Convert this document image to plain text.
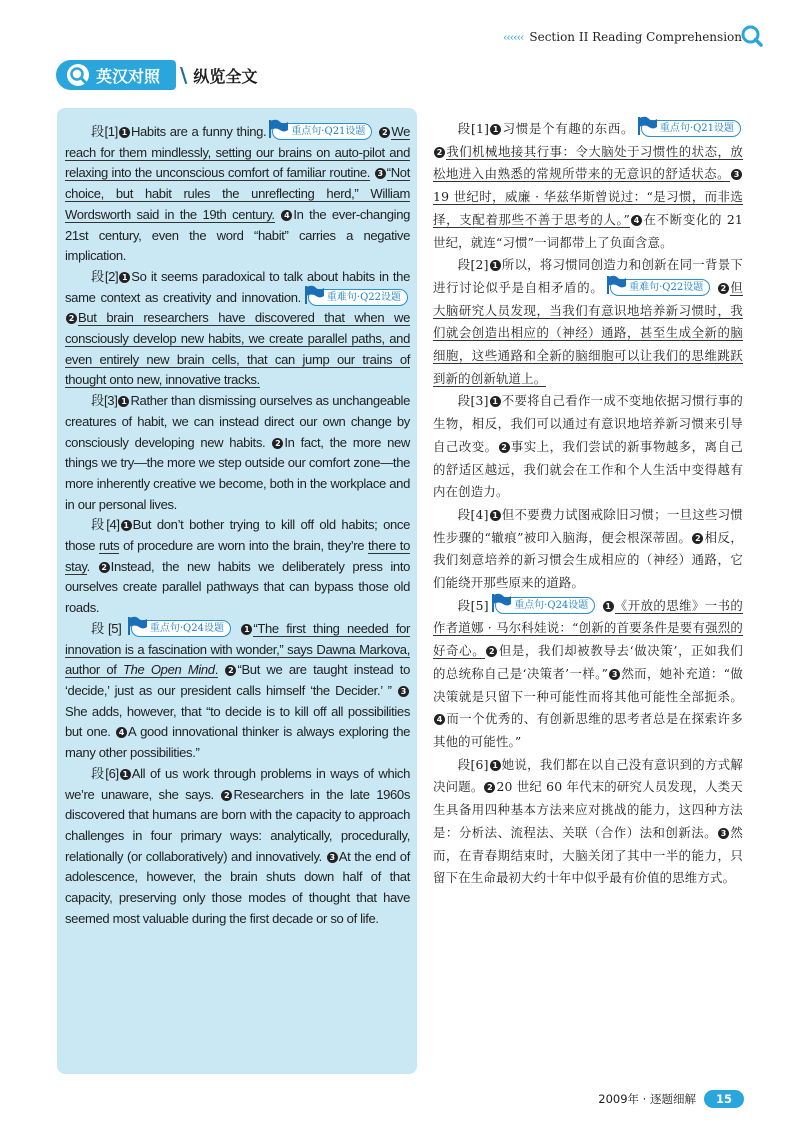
‹‹‹‹‹‹ Section II Reading Comprehension
英汉对照 \ 纵览全文

段[1] 1 Habits are a funny thing. 重点句·Q21设题 2 We reach for them mindlessly, setting our brains on auto-pilot and relaxing into the unconscious comfort of familiar routine. 3 “Not choice, but habit rules the unreflecting herd,” William Wordsworth said in the 19th century. 4 In the ever-changing 21st century, even the word “habit” carries a negative implication.

段[2] 1 So it seems paradoxical to talk about habits in the same context as creativity and innovation.	重难句·Q22设题 2 But brain researchers have discovered that when we consciously develop new habits, we create parallel paths, and even entirely new brain cells, that can jump our trains of thought onto new, innovative tracks.

段[3] 1 Rather than dismissing ourselves as unchangeable creatures of habit, we can instead direct our own change by consciously developing new habits. 2 In fact, the more new things we try—the more we step outside our comfort zone—the more inherently creative we become, both in the workplace and in our personal lives.

段[4] 1 But don’t bother trying to kill off old habits; once those ruts of procedure are worn into the brain, they’re there to stay. 2 Instead, the new habits we deliberately press into ourselves create parallel pathways that can bypass those old roads.

段[5]	重点句·Q24设题	1 “The first thing needed for innovation is a fascination with wonder,” says Dawna Markova, author of The Open Mind. 2 “But we are taught instead to ‘decide,’ just as our president calls himself ‘the Decider.’ ” 3She adds, however, that “to decide is to kill off all possibilities but one. 4 A good innovational thinker is always exploring the many other possibilities.”

段[6] 1 All of us work through problems in ways of which we’re unaware, she says. 2 Researchers in the late 1960s discovered that humans are born with the capacity to approach challenges in four primary ways: analytically, procedurally, relationally (or collaboratively) and innovatively. 3 At the end of adolescence, however, the brain shuts down half of that capacity, preserving only those modes of thought that have seemed most valuable during the first decade or so of life.

段[1] 1 习惯是个有趣的东西。	重点句·Q21设题 2 我们机械地接其行事：令大脑处于习惯性的状态，放松地进入由熟悉的常规所带来的无意识的舒适状态。 319 世纪时，威廉 · 华兹华斯曾说过：“是习惯，而非选择，支配着那些不善于思考的人。” 4 在不断变化的 21 世纪，就连“习惯”一词都带上了负面含意。

段[2] 1 所以，将习惯同创造力和创新在同一背景下进行讨论似乎是自相矛盾的。	重难句·Q22设题 2 但大脑研究人员发现，当我们有意识地培养新习惯时，我们就会创造出相应的（神经）通路，甚至生成全新的脑细胞，这些通路和全新的脑细胞可以让我们的思维跳跃到新的创新轨道上。

段[3] 1 不要将自己看作一成不变地依据习惯行事的生物，相反，我们可以通过有意识地培养新习惯来引导自己改变。 2 事实上，我们尝试的新事物越多，离自己的舒适区越远，我们就会在工作和个人生活中变得越有内在创造力。

段[4] 1 但不要费力试图戒除旧习惯；一旦这些习惯性步骤的“辙痕”被印入脑海，便会根深蒂固。 2 相反，我们刻意培养的新习惯会生成相应的（神经）通路，它们能绕开那些原来的道路。

段[5]	重点句·Q24设题 1 《开放的思维》一书的作者道娜 · 马尔科娃说：“创新的首要条件是要有强烈的好奇心。 2 但是，我们却被教导去‘做决策’，正如我们的总统称自己是‘决策者’一样。” 3 然而，她补充道：“做决策就是只留下一种可能性而将其他可能性全部扼杀。4 而一个优秀的、有创新思维的思考者总是在探索许多其他的可能性。”

段[6] 1 她说，我们都在以自己没有意识到的方式解决问题。 2 20 世纪 60 年代末的研究人员发现，人类天生具备用四种基本方法来应对挑战的能力，这四种方法是：分析法、流程法、关联（合作）法和创新法。 3 然而，在青春期结束时，大脑关闭了其中一半的能力，只留下在生命最初大约十年中似乎最有价值的思维方式。

2009年 · 逐题细解	15
